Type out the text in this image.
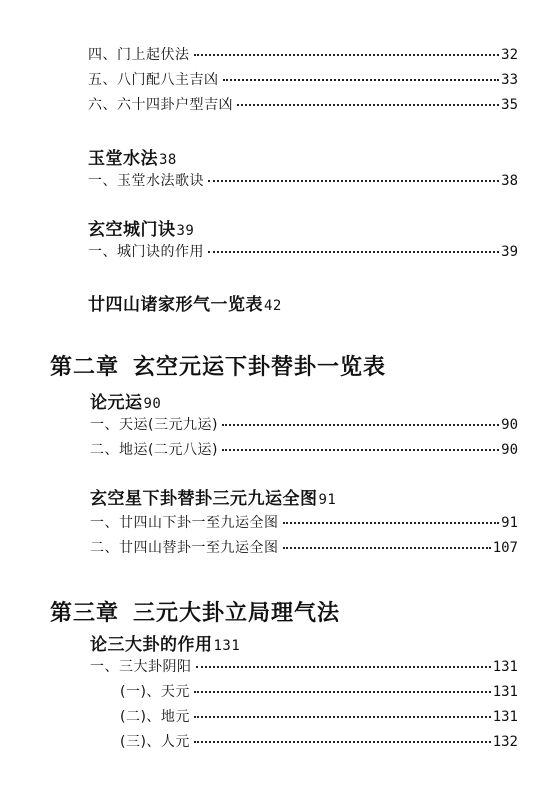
四、门上起伏法	32
五、八门配八主吉凶	33
六、六十四卦户型吉凶	35
玉堂水法 38
一、玉堂水法歌诀	38
玄空城门诀 39
一、城门诀的作用	39
廿四山诸家形气一览表 42
第二章 玄空元运下卦替卦一览表
论元运 90
一、天运(三元九运)	90
二、地运(二元八运)	90
玄空星下卦替卦三元九运全图 91
一、廿四山下卦一至九运全图	91
二、廿四山替卦一至九运全图	107
第三章 三元大卦立局理气法
论三大卦的作用 131
一、三大卦阴阳	131
(一)、天元	131
(二)、地元	131
(三)、人元	132
